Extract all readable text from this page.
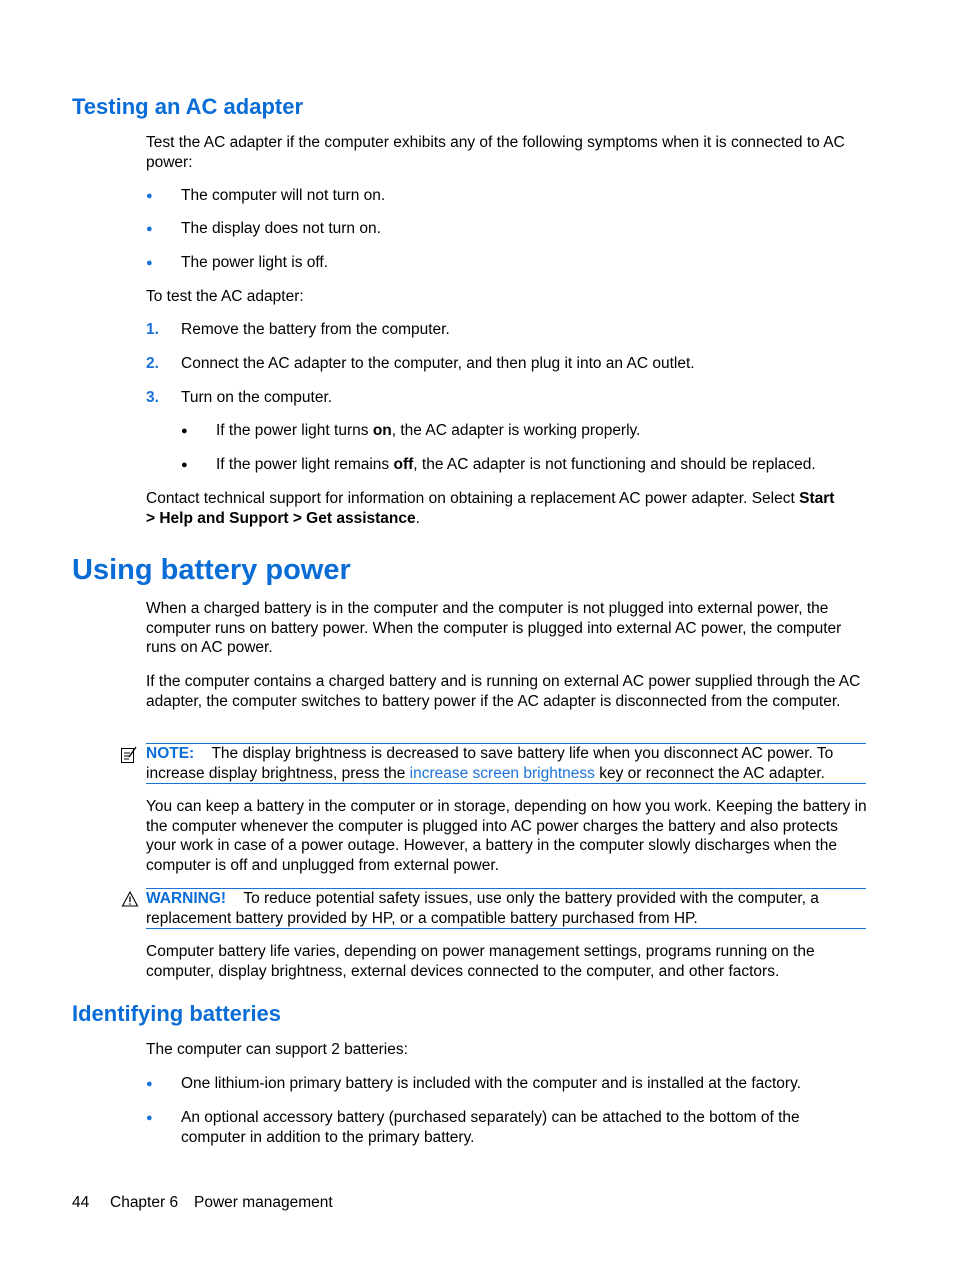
Testing an AC adapter
Test the AC adapter if the computer exhibits any of the following symptoms when it is connected to AC power:
● The computer will not turn on.
● The display does not turn on.
● The power light is off.
To test the AC adapter:
1. Remove the battery from the computer.
2. Connect the AC adapter to the computer, and then plug it into an AC outlet.
3. Turn on the computer.
● If the power light turns on, the AC adapter is working properly.
● If the power light remains off, the AC adapter is not functioning and should be replaced.
Contact technical support for information on obtaining a replacement AC power adapter. Select Start
> Help and Support > Get assistance.
Using battery power
When a charged battery is in the computer and the computer is not plugged into external power, the computer runs on battery power. When the computer is plugged into external AC power, the computer runs on AC power.
If the computer contains a charged battery and is running on external AC power supplied through the AC adapter, the computer switches to battery power if the AC adapter is disconnected from the computer.
NOTE: The display brightness is decreased to save battery life when you disconnect AC power. To increase display brightness, press the increase screen brightness key or reconnect the AC adapter.
You can keep a battery in the computer or in storage, depending on how you work. Keeping the battery in the computer whenever the computer is plugged into AC power charges the battery and also protects your work in case of a power outage. However, a battery in the computer slowly discharges when the computer is off and unplugged from external power.
WARNING! To reduce potential safety issues, use only the battery provided with the computer, a replacement battery provided by HP, or a compatible battery purchased from HP.
Computer battery life varies, depending on power management settings, programs running on the computer, display brightness, external devices connected to the computer, and other factors.
Identifying batteries
The computer can support 2 batteries:
● One lithium-ion primary battery is included with the computer and is installed at the factory.
● An optional accessory battery (purchased separately) can be attached to the bottom of the computer in addition to the primary battery.
44 Chapter 6 Power management
